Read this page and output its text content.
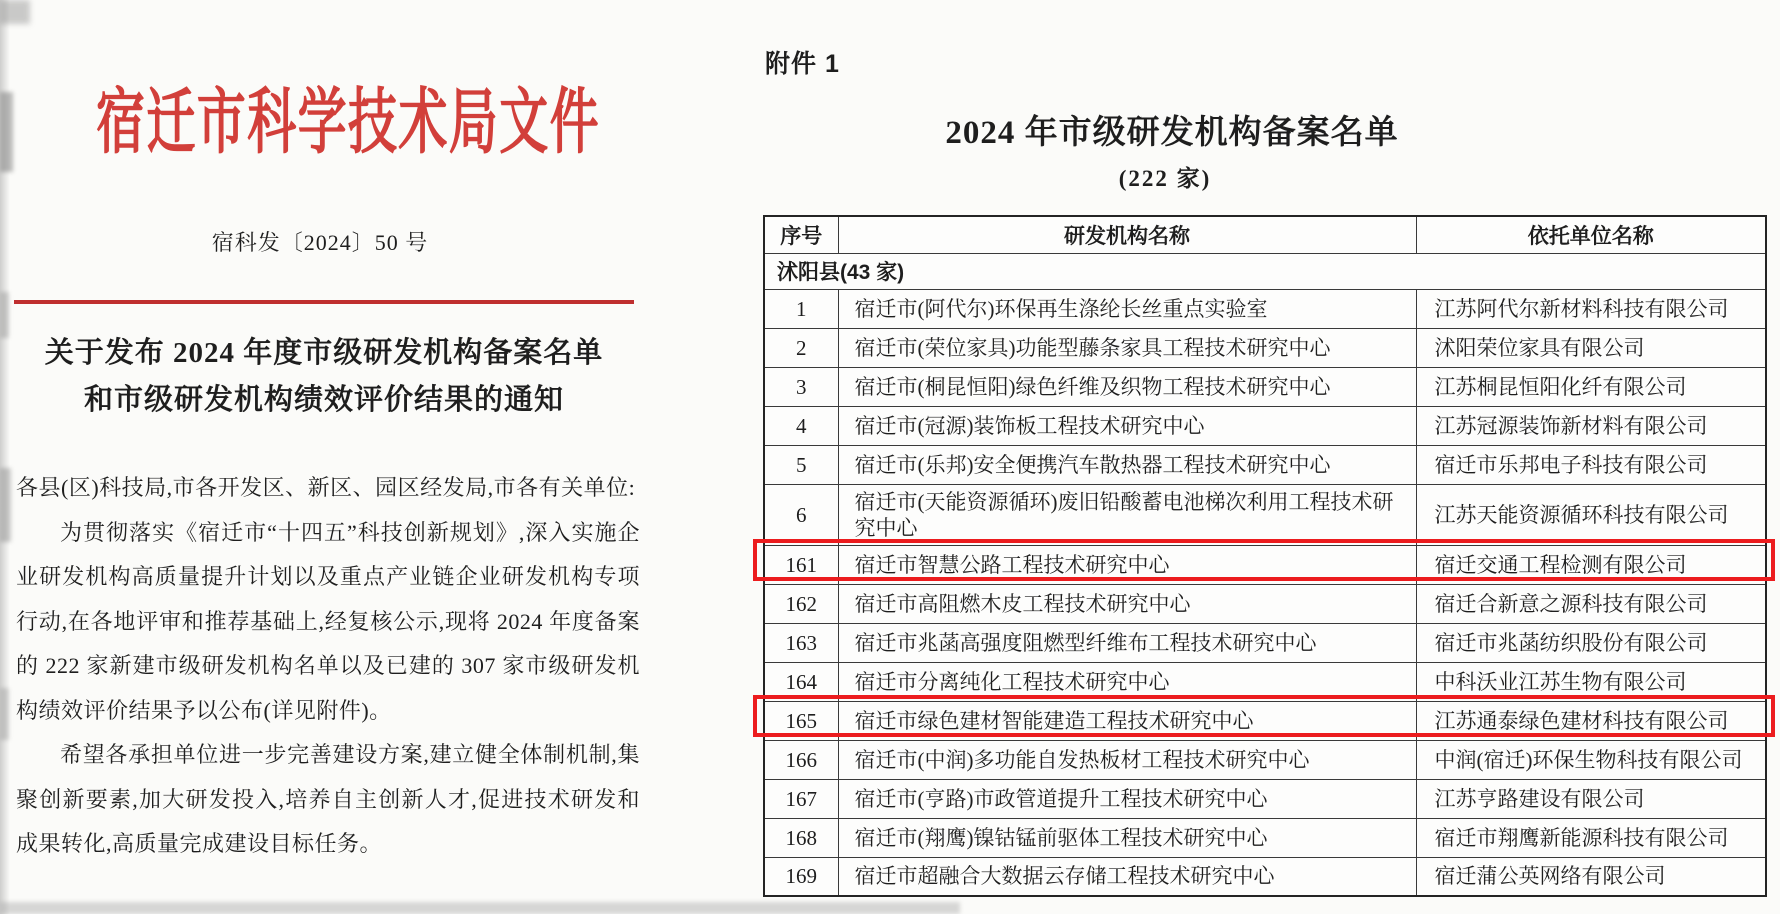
宿迁市科学技术局文件
宿科发〔2024〕50 号
关于发布 2024 年度市级研发机构备案名单
和市级研发机构绩效评价结果的通知

各县(区)科技局,市各开发区、新区、园区经发局,市各有关单位:

为贯彻落实《宿迁市“十四五”科技创新规划》,深入实施企业研发机构高质量提升计划以及重点产业链企业研发机构专项行动,在各地评审和推荐基础上,经复核公示,现将 2024 年度备案的 222 家新建市级研发机构名单以及已建的 307 家市级研发机构绩效评价结果予以公布(详见附件)。

希望各承担单位进一步完善建设方案,建立健全体制机制,集聚创新要素,加大研发投入,培养自主创新人才,促进技术研发和成果转化,高质量完成建设目标任务。

附件 1
2024 年市级研发机构备案名单
(222 家)
序号	研发机构名称	依托单位名称
沭阳县(43 家)		
1	宿迁市(阿代尔)环保再生涤纶长丝重点实验室	江苏阿代尔新材料科技有限公司
2	宿迁市(荣位家具)功能型藤条家具工程技术研究中心	沭阳荣位家具有限公司
3	宿迁市(桐昆恒阳)绿色纤维及织物工程技术研究中心	江苏桐昆恒阳化纤有限公司
4	宿迁市(冠源)装饰板工程技术研究中心	江苏冠源装饰新材料有限公司
5	宿迁市(乐邦)安全便携汽车散热器工程技术研究中心	宿迁市乐邦电子科技有限公司
6	宿迁市(天能资源循环)废旧铅酸蓄电池梯次利用工程技术研究中心	江苏天能资源循环科技有限公司
161	宿迁市智慧公路工程技术研究中心	宿迁交通工程检测有限公司
162	宿迁市高阻燃木皮工程技术研究中心	宿迁合新意之源科技有限公司
163	宿迁市兆菡高强度阻燃型纤维布工程技术研究中心	宿迁市兆菡纺织股份有限公司
164	宿迁市分离纯化工程技术研究中心	中科沃业江苏生物有限公司
165	宿迁市绿色建材智能建造工程技术研究中心	江苏通泰绿色建材科技有限公司
166	宿迁市(中润)多功能自发热板材工程技术研究中心	中润(宿迁)环保生物科技有限公司
167	宿迁市(亨路)市政管道提升工程技术研究中心	江苏亨路建设有限公司
168	宿迁市(翔鹰)镍钴锰前驱体工程技术研究中心	宿迁市翔鹰新能源科技有限公司
169	宿迁市超融合大数据云存储工程技术研究中心	宿迁蒲公英网络有限公司
